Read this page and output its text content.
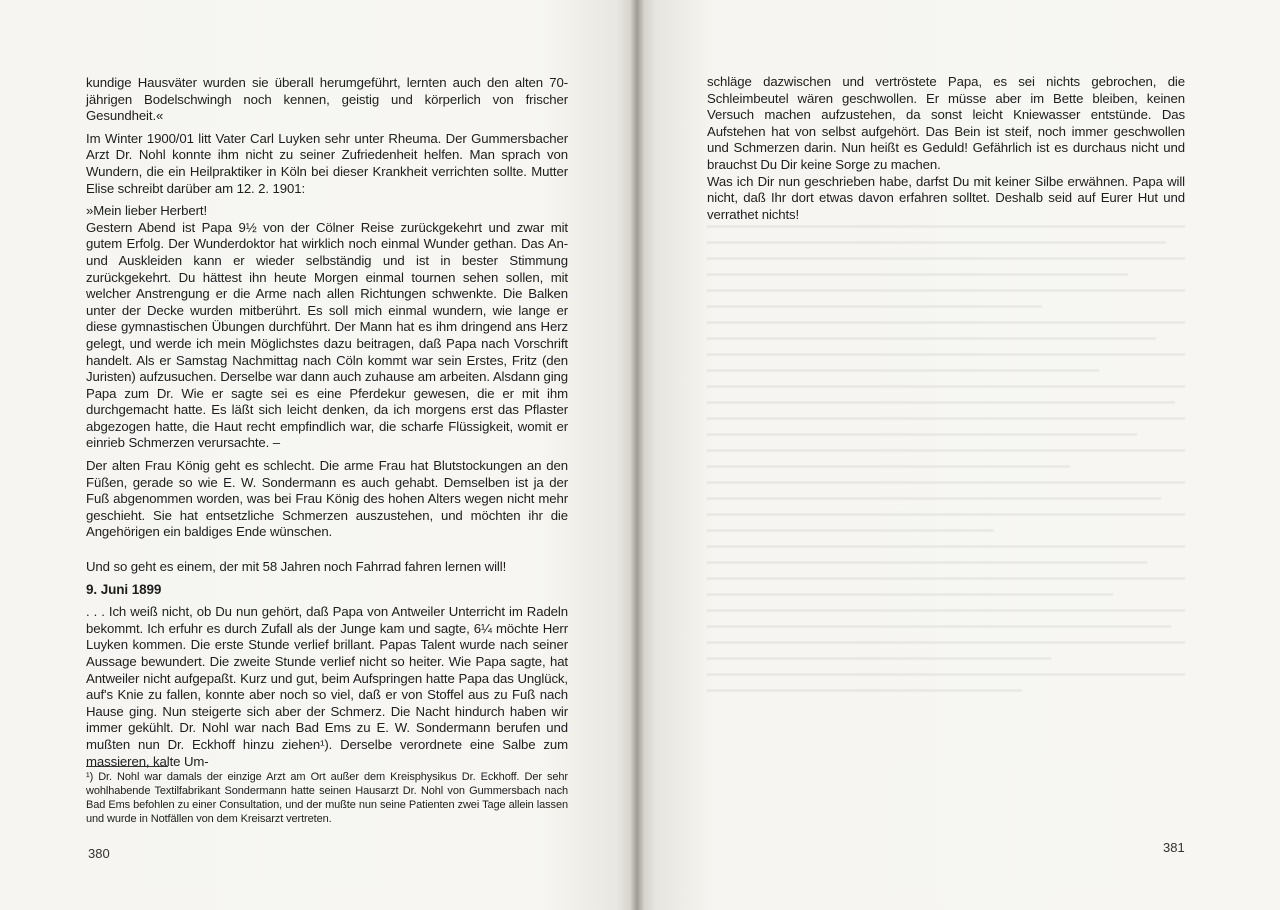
kundige Hausväter wurden sie überall herumgeführt, lernten auch den alten 70-jährigen Bodelschwingh noch kennen, geistig und körperlich von frischer Gesundheit.«

Im Winter 1900/01 litt Vater Carl Luyken sehr unter Rheuma. Der Gummersbacher Arzt Dr. Nohl konnte ihm nicht zu seiner Zufriedenheit helfen. Man sprach von Wundern, die ein Heilpraktiker in Köln bei dieser Krankheit verrichten sollte. Mutter Elise schreibt darüber am 12. 2. 1901:

»Mein lieber Herbert!
Gestern Abend ist Papa 9½ von der Cölner Reise zurückgekehrt und zwar mit gutem Erfolg. Der Wunderdoktor hat wirklich noch einmal Wunder gethan. Das An- und Auskleiden kann er wieder selbständig und ist in bester Stimmung zurückgekehrt. Du hättest ihn heute Morgen einmal tournen sehen sollen, mit welcher Anstrengung er die Arme nach allen Richtungen schwenkte. Die Balken unter der Decke wurden mitberührt. Es soll mich einmal wundern, wie lange er diese gymnastischen Übungen durchführt. Der Mann hat es ihm dringend ans Herz gelegt, und werde ich mein Möglichstes dazu beitragen, daß Papa nach Vorschrift handelt. Als er Samstag Nachmittag nach Cöln kommt war sein Erstes, Fritz (den Juristen) aufzusuchen. Derselbe war dann auch zuhause am arbeiten. Alsdann ging Papa zum Dr. Wie er sagte sei es eine Pferdekur gewesen, die er mit ihm durchgemacht hatte. Es läßt sich leicht denken, da ich morgens erst das Pflaster abgezogen hatte, die Haut recht empfindlich war, die scharfe Flüssigkeit, womit er einrieb Schmerzen verursachte. –

Der alten Frau König geht es schlecht. Die arme Frau hat Blutstockungen an den Füßen, gerade so wie E. W. Sondermann es auch gehabt. Demselben ist ja der Fuß abgenommen worden, was bei Frau König des hohen Alters wegen nicht mehr geschieht. Sie hat entsetzliche Schmerzen auszustehen, und möchten ihr die Angehörigen ein baldiges Ende wünschen.

Und so geht es einem, der mit 58 Jahren noch Fahrrad fahren lernen will!

9. Juni 1899

. . . Ich weiß nicht, ob Du nun gehört, daß Papa von Antweiler Unterricht im Radeln bekommt. Ich erfuhr es durch Zufall als der Junge kam und sagte, 6¼ möchte Herr Luyken kommen. Die erste Stunde verlief brillant. Papas Talent wurde nach seiner Aussage bewundert. Die zweite Stunde verlief nicht so heiter. Wie Papa sagte, hat Antweiler nicht aufgepaßt. Kurz und gut, beim Aufspringen hatte Papa das Unglück, auf's Knie zu fallen, konnte aber noch so viel, daß er von Stoffel aus zu Fuß nach Hause ging. Nun steigerte sich aber der Schmerz. Die Nacht hindurch haben wir immer gekühlt. Dr. Nohl war nach Bad Ems zu E. W. Sondermann berufen und mußten nun Dr. Eckhoff hinzu ziehen¹). Derselbe verordnete eine Salbe zum massieren, kalte Um-

¹) Dr. Nohl war damals der einzige Arzt am Ort außer dem Kreisphysikus Dr. Eckhoff. Der sehr wohlhabende Textilfabrikant Sondermann hatte seinen Hausarzt Dr. Nohl von Gummersbach nach Bad Ems befohlen zu einer Consultation, und der mußte nun seine Patienten zwei Tage allein lassen und wurde in Notfällen von dem Kreisarzt vertreten.
380

schläge dazwischen und vertröstete Papa, es sei nichts gebrochen, die Schleimbeutel wären geschwollen. Er müsse aber im Bette bleiben, keinen Versuch machen aufzustehen, da sonst leicht Kniewasser entstünde. Das Aufstehen hat von selbst aufgehört. Das Bein ist steif, noch immer geschwollen und Schmerzen darin. Nun heißt es Geduld! Gefährlich ist es durchaus nicht und brauchst Du Dir keine Sorge zu machen.

Was ich Dir nun geschrieben habe, darfst Du mit keiner Silbe erwähnen. Papa will nicht, daß Ihr dort etwas davon erfahren solltet. Deshalb seid auf Eurer Hut und verrathet nichts!

381
